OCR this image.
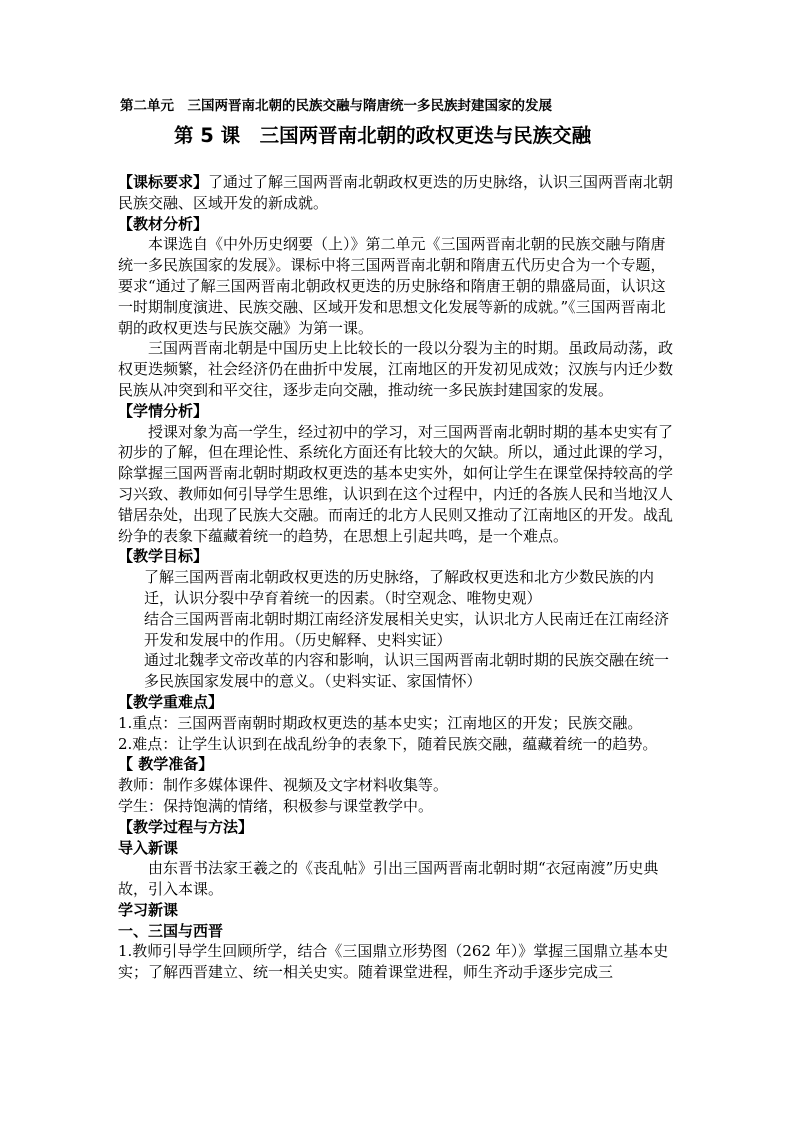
第二单元　三国两晋南北朝的民族交融与隋唐统一多民族封建国家的发展
第 5 课　三国两晋南北朝的政权更迭与民族交融

【课标要求】了通过了解三国两晋南北朝政权更迭的历史脉络，认识三国两晋南北朝民族交融、区域开发的新成就。

【教材分析】

本课选自《中外历史纲要（上）》第二单元《三国两晋南北朝的民族交融与隋唐统一多民族国家的发展》。课标中将三国两晋南北朝和隋唐五代历史合为一个专题，要求“通过了解三国两晋南北朝政权更迭的历史脉络和隋唐王朝的鼎盛局面，认识这一时期制度演进、民族交融、区域开发和思想文化发展等新的成就。”《三国两晋南北朝的政权更迭与民族交融》为第一课。

三国两晋南北朝是中国历史上比较长的一段以分裂为主的时期。虽政局动荡，政权更迭频繁，社会经济仍在曲折中发展，江南地区的开发初见成效；汉族与内迁少数民族从冲突到和平交往，逐步走向交融，推动统一多民族封建国家的发展。

【学情分析】

授课对象为高一学生，经过初中的学习，对三国两晋南北朝时期的基本史实有了初步的了解，但在理论性、系统化方面还有比较大的欠缺。所以，通过此课的学习，除掌握三国两晋南北朝时期政权更迭的基本史实外，如何让学生在课堂保持较高的学习兴致、教师如何引导学生思维，认识到在这个过程中，内迁的各族人民和当地汉人错居杂处，出现了民族大交融。而南迁的北方人民则又推动了江南地区的开发。战乱纷争的表象下蕴藏着统一的趋势，在思想上引起共鸣，是一个难点。

【教学目标】

了解三国两晋南北朝政权更迭的历史脉络，了解政权更迭和北方少数民族的内迁，认识分裂中孕育着统一的因素。（时空观念、唯物史观）

结合三国两晋南北朝时期江南经济发展相关史实，认识北方人民南迁在江南经济开发和发展中的作用。（历史解释、史料实证）

通过北魏孝文帝改革的内容和影响，认识三国两晋南北朝时期的民族交融在统一多民族国家发展中的意义。（史料实证、家国情怀）

【教学重难点】

1.重点：三国两晋南朝时期政权更迭的基本史实；江南地区的开发；民族交融。

2.难点：让学生认识到在战乱纷争的表象下，随着民族交融，蕴藏着统一的趋势。

【 教学准备】

教师：制作多媒体课件、视频及文字材料收集等。

学生：保持饱满的情绪，积极参与课堂教学中。

【教学过程与方法】

导入新课

由东晋书法家王羲之的《丧乱帖》引出三国两晋南北朝时期“衣冠南渡”历史典故，引入本课。

学习新课

一、三国与西晋

1.教师引导学生回顾所学，结合《三国鼎立形势图（262 年）》掌握三国鼎立基本史实；了解西晋建立、统一相关史实。随着课堂进程，师生齐动手逐步完成三
